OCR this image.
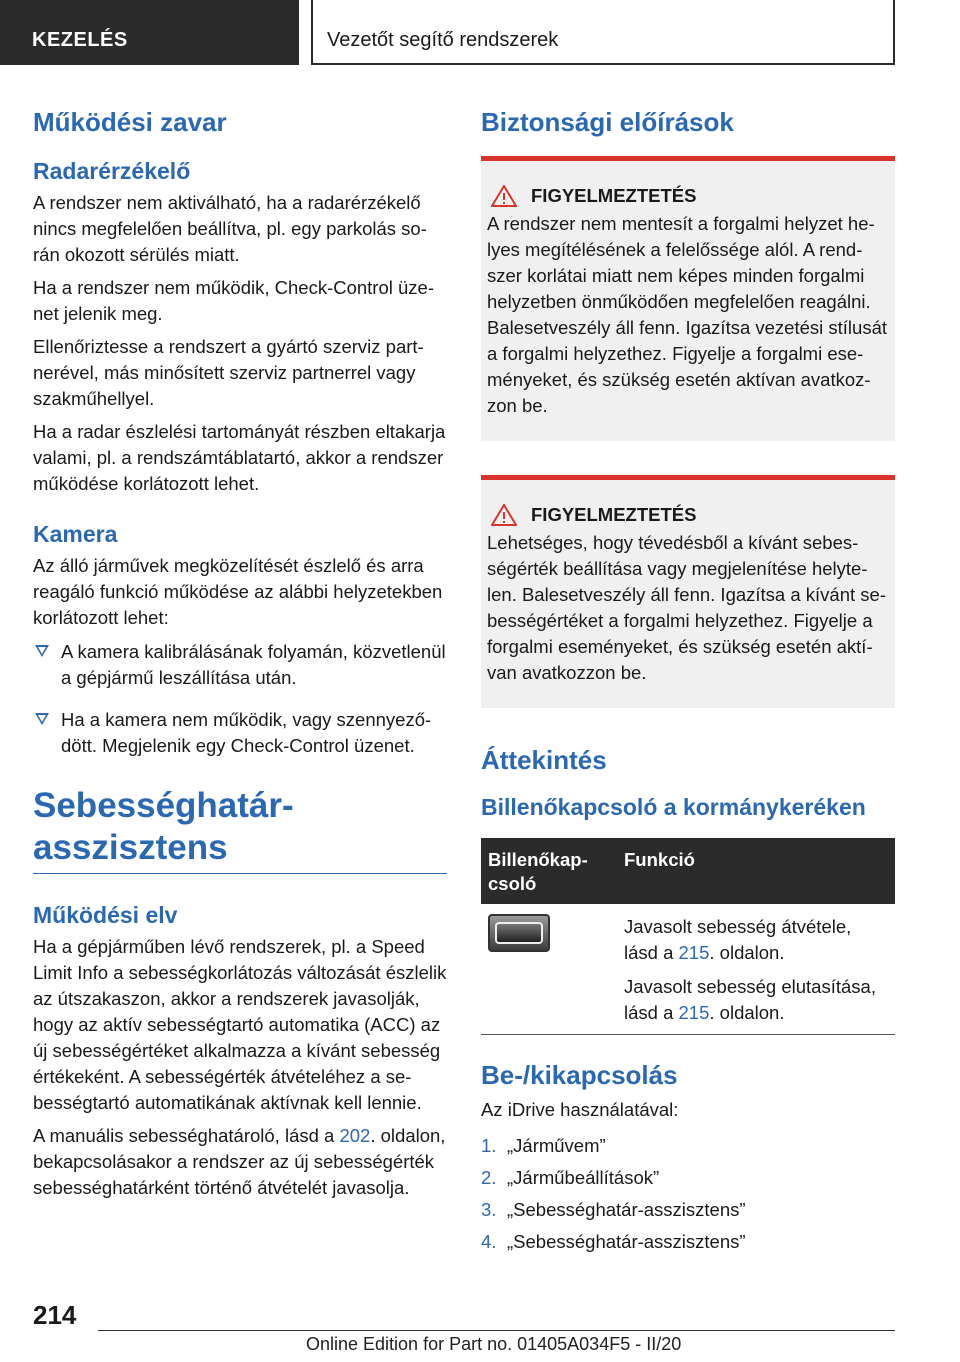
KEZELÉS	Vezetőt segítő rendszerek
Működési zavar
Radarérzékelő

A rendszer nem aktiválható, ha a radarérzékelő nincs megfelelően beállítva, pl. egy parkolás során okozott sérülés miatt.

Ha a rendszer nem működik, Check-Control üzenet jelenik meg.

Ellenőriztesse a rendszert a gyártó szerviz partnerével, más minősített szerviz partnerrel vagy szakműhellyel.

Ha a radar észlelési tartományát részben eltakarja valami, pl. a rendszámtáblatartó, akkor a rendszer működése korlátozott lehet.

Kamera

Az álló járművek megközelítését észlelő és arra reagáló funkció működése az alábbi helyzetekben korlátozott lehet:

A kamera kalibrálásának folyamán, közvetlenül a gépjármű leszállítása után.
Ha a kamera nem működik, vagy szennyeződött. Megjelenik egy Check-Control üzenet.
Sebességhatárasszisztens
Működési elv

Ha a gépjárműben lévő rendszerek, pl. a Speed Limit Info a sebességkorlátozás változását észlelik az útszakaszon, akkor a rendszerek javasolják, hogy az aktív sebességtartó automatika (ACC) az új sebességértéket alkalmazza a kívánt sebesség értékeként. A sebességérték átvételéhez a sebességtartó automatikának aktívnak kell lennie.

A manuális sebességhatároló, lásd a 202. oldalon, bekapcsolásakor a rendszer az új sebességérték sebességhatárként történő átvételét javasolja.

Biztonsági előírások
FIGYELMEZTETÉS

A rendszer nem mentesít a forgalmi helyzet helyes megítélésének a felelőssége alól. A rendszer korlátai miatt nem képes minden forgalmi helyzetben önműködően megfelelően reagálni. Balesetveszély áll fenn. Igazítsa vezetési stílusát a forgalmi helyzethez. Figyelje a forgalmi eseményeket, és szükség esetén aktívan avatkozzon be.

FIGYELMEZTETÉS

Lehetséges, hogy tévedésből a kívánt sebességérték beállítása vagy megjelenítése helytelen. Balesetveszély áll fenn. Igazítsa a kívánt sebességértéket a forgalmi helyzethez. Figyelje a forgalmi eseményeket, és szükség esetén aktívan avatkozzon be.

Áttekintés
Billenőkapcsoló a kormánykeréken
Billenőkapcsoló	Funkció

	Javasolt sebesség átvétele, lásd a 215. oldalon.

Javasolt sebesség elutasítása, lásd a 215. oldalon.

Be-/kikapcsolás

Az iDrive használatával:

1. „Járművem”
2. „Járműbeállítások”
3. „Sebességhatár-asszisztens”
4. „Sebességhatár-asszisztens”
214
Online Edition for Part no. 01405A034F5 - II/20
